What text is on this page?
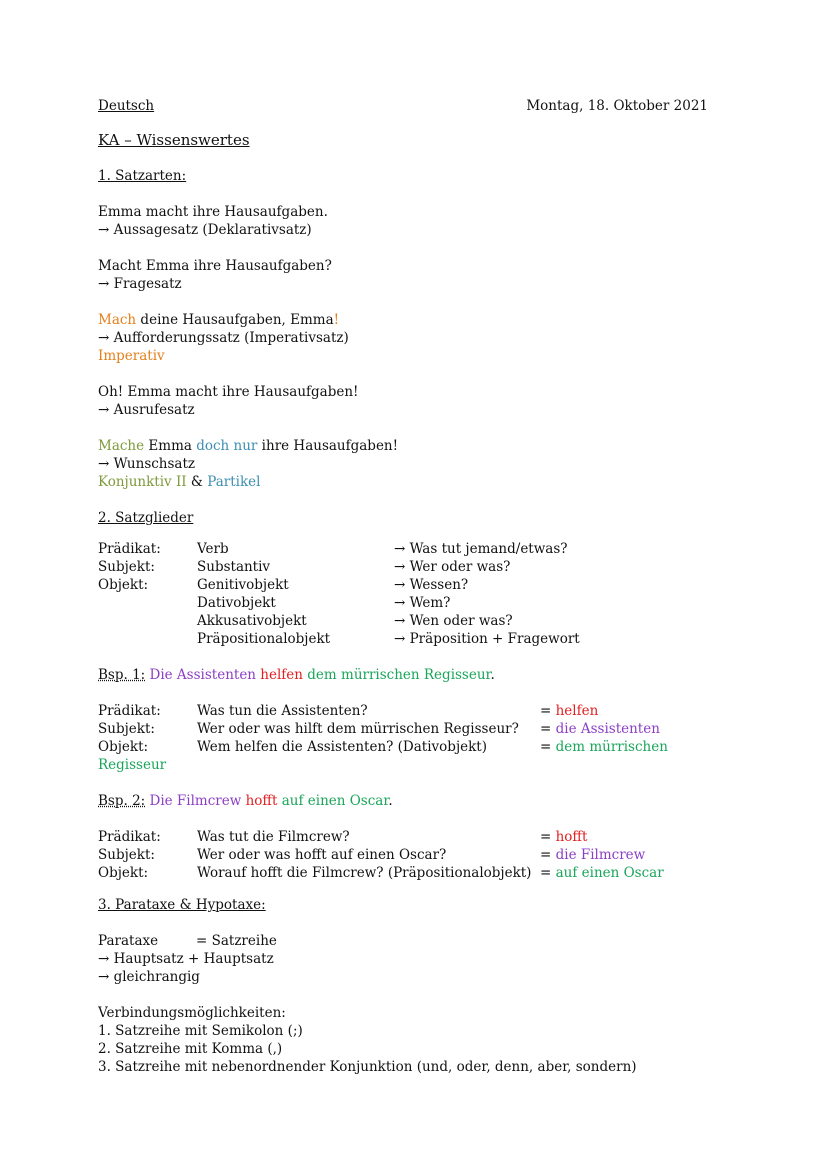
Deutsch	Montag, 18. Oktober 2021
KA – Wissenswertes
1. Satzarten:
Emma macht ihre Hausaufgaben.
→ Aussagesatz (Deklarativsatz)
Macht Emma ihre Hausaufgaben?
→ Fragesatz
Mach deine Hausaufgaben, Emma!
→ Aufforderungssatz (Imperativsatz)
Imperativ
Oh! Emma macht ihre Hausaufgaben!
→ Ausrufesatz
Mache Emma doch nur ihre Hausaufgaben!
→ Wunschsatz
Konjunktiv II & Partikel
2. Satzglieder
Prädikat:	Verb	→ Was tut jemand/etwas?
Subjekt:	Substantiv	→ Wer oder was?
Objekt:	Genitivobjekt	→ Wessen?
Dativobjekt	→ Wem?
Akkusativobjekt	→ Wen oder was?
Präpositionalobjekt	→ Präposition + Fragewort
Bsp. 1: Die Assistenten helfen dem mürrischen Regisseur.
Prädikat:	Was tun die Assistenten?	= helfen
Subjekt:	Wer oder was hilft dem mürrischen Regisseur? = die Assistenten
Objekt:	Wem helfen die Assistenten? (Dativobjekt)	= dem mürrischen
Regisseur
Bsp. 2: Die Filmcrew hofft auf einen Oscar.
Prädikat:	Was tut die Filmcrew?	= hofft
Subjekt:	Wer oder was hofft auf einen Oscar?	= die Filmcrew
Objekt:	Worauf hofft die Filmcrew? (Präpositionalobjekt) = auf einen Oscar
3. Parataxe & Hypotaxe:
Parataxe	= Satzreihe
→ Hauptsatz + Hauptsatz
→ gleichrangig
Verbindungsmöglichkeiten:
1. Satzreihe mit Semikolon (;)
2. Satzreihe mit Komma (,)
3. Satzreihe mit nebenordnender Konjunktion (und, oder, denn, aber, sondern)
